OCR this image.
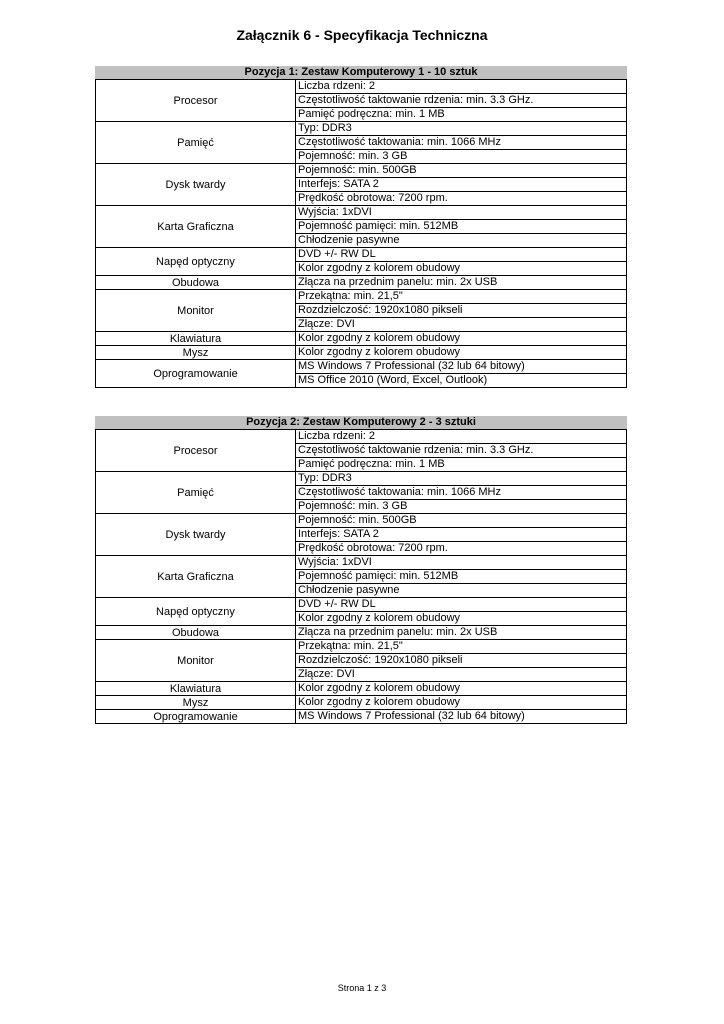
Załącznik 6 - Specyfikacja Techniczna
Pozycja 1: Zestaw Komputerowy 1 - 10 sztuk
Procesor	Liczba rdzeni: 2
	Częstotliwość taktowanie rdzenia: min. 3.3 GHz.
	Pamięć podręczna: min. 1 MB
Pamięć	Typ: DDR3
	Częstotliwość taktowania: min. 1066 MHz
	Pojemność: min. 3 GB
Dysk twardy	Pojemność: min. 500GB
	Interfejs: SATA 2
	Prędkość obrotowa: 7200 rpm.
Karta Graficzna	Wyjścia: 1xDVI
	Pojemność pamięci: min. 512MB
	Chłodzenie pasywne
Napęd optyczny	DVD +/- RW DL
	Kolor zgodny z kolorem obudowy
Obudowa	Złącza na przednim panelu: min. 2x USB
Monitor	Przekątna: min. 21,5"
	Rozdzielczość: 1920x1080 pikseli
	Złącze: DVI
Klawiatura	Kolor zgodny z kolorem obudowy
Mysz	Kolor zgodny z kolorem obudowy
Oprogramowanie	MS Windows 7 Professional (32 lub 64 bitowy)
	MS Office 2010 (Word, Excel, Outlook)
Pozycja 2: Zestaw Komputerowy 2 - 3 sztuki
Procesor	Liczba rdzeni: 2
	Częstotliwość taktowanie rdzenia: min. 3.3 GHz.
	Pamięć podręczna: min. 1 MB
Pamięć	Typ: DDR3
	Częstotliwość taktowania: min. 1066 MHz
	Pojemność: min. 3 GB
Dysk twardy	Pojemność: min. 500GB
	Interfejs: SATA 2
	Prędkość obrotowa: 7200 rpm.
Karta Graficzna	Wyjścia: 1xDVI
	Pojemność pamięci: min. 512MB
	Chłodzenie pasywne
Napęd optyczny	DVD +/- RW DL
	Kolor zgodny z kolorem obudowy
Obudowa	Złącza na przednim panelu: min. 2x USB
Monitor	Przekątna: min. 21,5"
	Rozdzielczość: 1920x1080 pikseli
	Złącze: DVI
Klawiatura	Kolor zgodny z kolorem obudowy
Mysz	Kolor zgodny z kolorem obudowy
Oprogramowanie	MS Windows 7 Professional (32 lub 64 bitowy)
Strona 1 z 3
